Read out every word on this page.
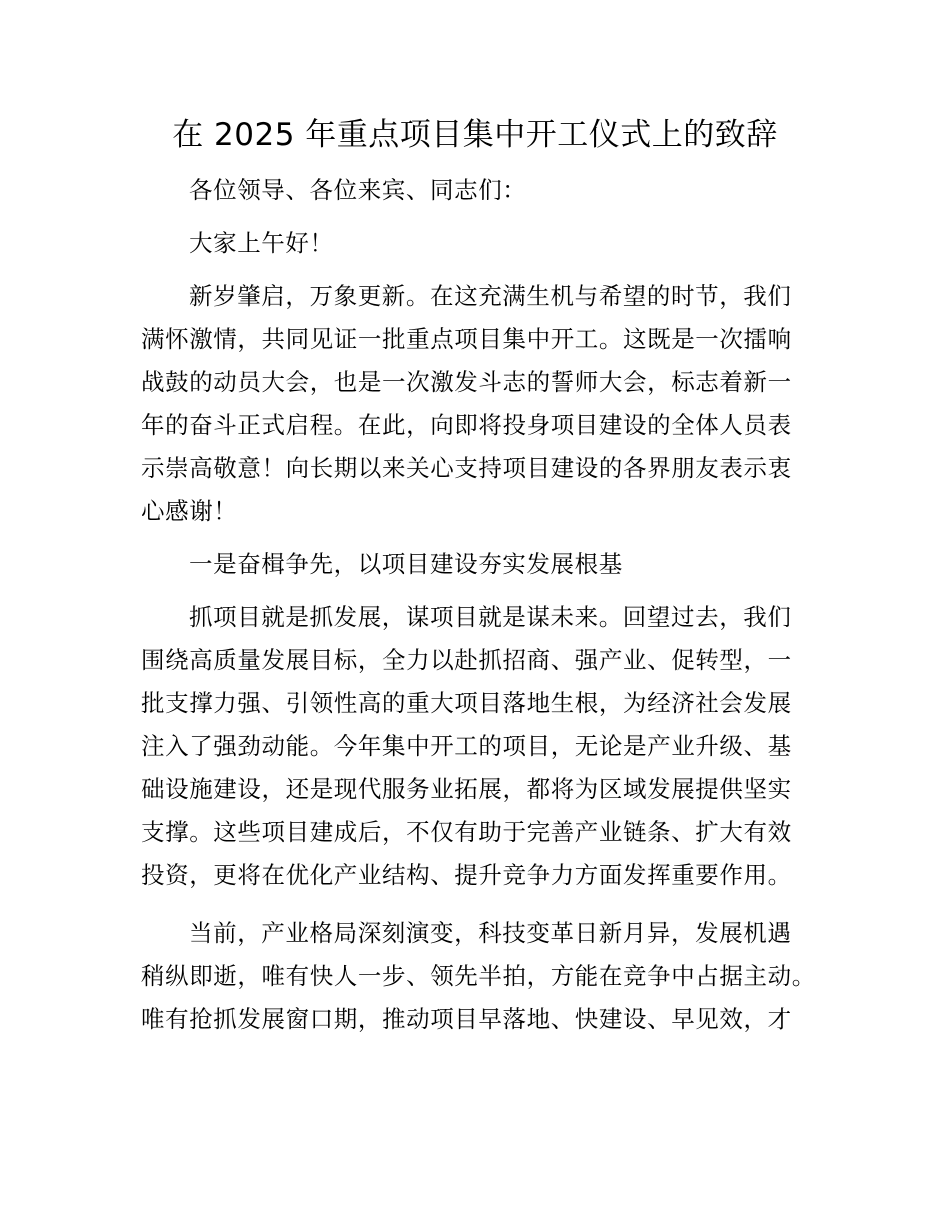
在 2025 年重点项目集中开工仪式上的致辞

各位领导、各位来宾、同志们：

大家上午好！

新岁肇启，万象更新。在这充满生机与希望的时节，我们
满怀激情，共同见证一批重点项目集中开工。这既是一次擂响
战鼓的动员大会，也是一次激发斗志的誓师大会，标志着新一
年的奋斗正式启程。在此，向即将投身项目建设的全体人员表
示崇高敬意！向长期以来关心支持项目建设的各界朋友表示衷
心感谢！

一是奋楫争先，以项目建设夯实发展根基

抓项目就是抓发展，谋项目就是谋未来。回望过去，我们
围绕高质量发展目标，全力以赴抓招商、强产业、促转型，一
批支撑力强、引领性高的重大项目落地生根，为经济社会发展
注入了强劲动能。今年集中开工的项目，无论是产业升级、基
础设施建设，还是现代服务业拓展，都将为区域发展提供坚实
支撑。这些项目建成后，不仅有助于完善产业链条、扩大有效
投资，更将在优化产业结构、提升竞争力方面发挥重要作用。
当前，产业格局深刻演变，科技变革日新月异，发展机遇
稍纵即逝，唯有快人一步、领先半拍，方能在竞争中占据主动。
唯有抢抓发展窗口期，推动项目早落地、快建设、早见效，才
